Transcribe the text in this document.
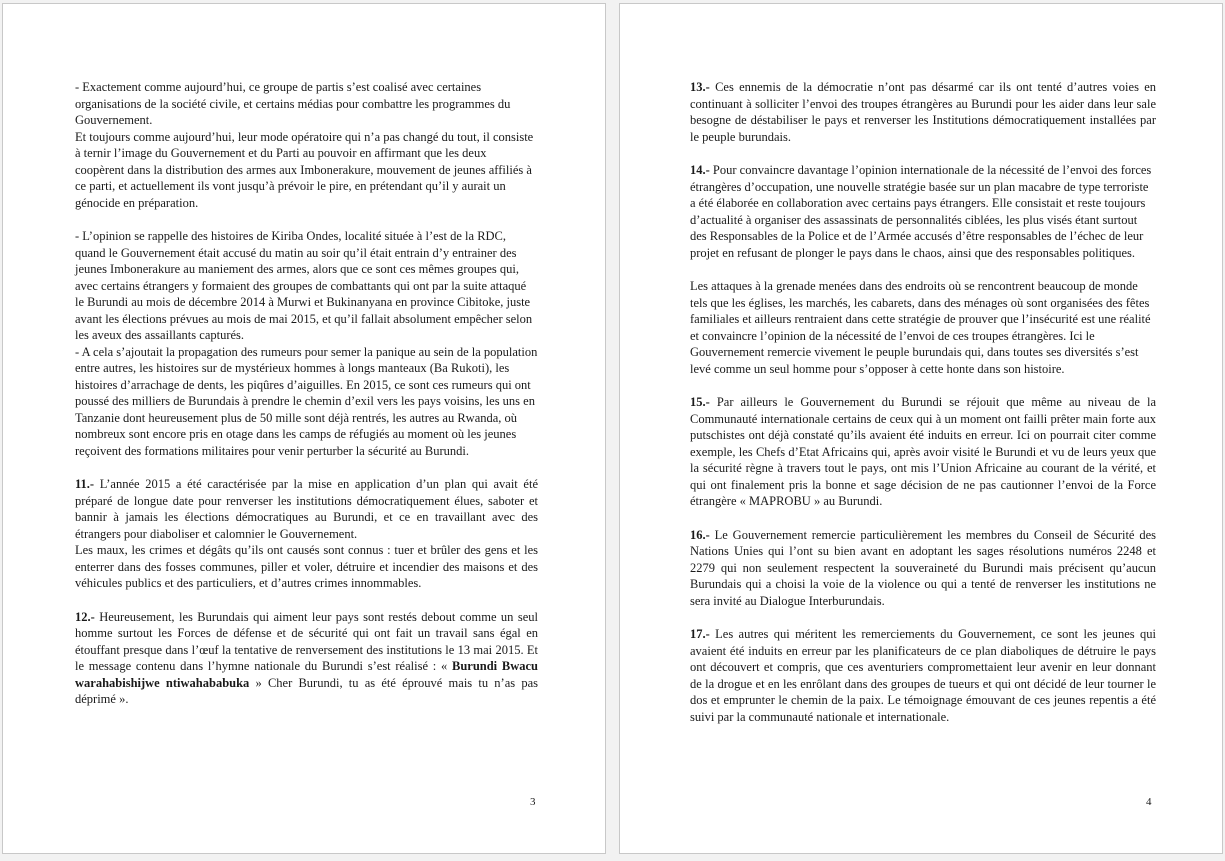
- Exactement comme aujourd’hui, ce groupe de partis s’est coalisé avec certaines organisations de la société civile, et certains médias pour combattre les programmes du Gouvernement.

Et toujours comme aujourd’hui, leur mode opératoire qui n’a pas changé du tout, il consiste à ternir l’image du Gouvernement et du Parti au pouvoir en affirmant que les deux coopèrent dans la distribution des armes aux Imbonerakure, mouvement de jeunes affiliés à ce parti, et actuellement ils vont jusqu’à prévoir le pire, en prétendant qu’il y aurait un génocide en préparation.

- L’opinion se rappelle des histoires de Kiriba Ondes, localité située à l’est de la RDC, quand le Gouvernement était accusé du matin au soir qu’il était entrain d’y entrainer des jeunes Imbonerakure au maniement des armes, alors que ce sont ces mêmes groupes qui, avec certains étrangers y formaient des groupes de combattants qui ont par la suite attaqué le Burundi au mois de décembre 2014 à Murwi et Bukinanyana en province Cibitoke, juste avant les élections prévues au mois de mai 2015, et qu’il fallait absolument empêcher selon les aveux des assaillants capturés.

- A cela s’ajoutait la propagation des rumeurs pour semer la panique au sein de la population entre autres, les histoires sur de mystérieux hommes à longs manteaux (Ba Rukoti), les histoires d’arrachage de dents, les piqûres d’aiguilles. En 2015, ce sont ces rumeurs qui ont poussé des milliers de Burundais à prendre le chemin d’exil vers les pays voisins, les uns en Tanzanie dont heureusement plus de 50 mille sont déjà rentrés, les autres au Rwanda, où nombreux sont encore pris en otage dans les camps de réfugiés au moment où les jeunes reçoivent des formations militaires pour venir perturber la sécurité au Burundi.

11.- L’année 2015 a été caractérisée par la mise en application d’un plan qui avait été préparé de longue date pour renverser les institutions démocratiquement élues, saboter et bannir à jamais les élections démocratiques au Burundi, et ce en travaillant avec des étrangers pour diaboliser et calomnier le Gouvernement.

Les maux, les crimes et dégâts qu’ils ont causés sont connus : tuer et brûler des gens et les enterrer dans des fosses communes, piller et voler, détruire et incendier des maisons et des véhicules publics et des particuliers, et d’autres crimes innommables.

12.- Heureusement, les Burundais qui aiment leur pays sont restés debout comme un seul homme surtout les Forces de défense et de sécurité qui ont fait un travail sans égal en étouffant presque dans l’œuf la tentative de renversement des institutions le 13 mai 2015. Et le message contenu dans l’hymne nationale du Burundi s’est réalisé : « Burundi Bwacu warahabishijwe ntiwahababuka » Cher Burundi, tu as été éprouvé mais tu n’as pas déprimé ».

3

13.- Ces ennemis de la démocratie n’ont pas désarmé car ils ont tenté d’autres voies en continuant à solliciter l’envoi des troupes étrangères au Burundi pour les aider dans leur sale besogne de déstabiliser le pays et renverser les Institutions démocratiquement installées par le peuple burundais.

14.- Pour convaincre davantage l’opinion internationale de la nécessité de l’envoi des forces étrangères d’occupation, une nouvelle stratégie basée sur un plan macabre de type terroriste a été élaborée en collaboration avec certains pays étrangers. Elle consistait et reste toujours d’actualité à organiser des assassinats de personnalités ciblées, les plus visés étant surtout des Responsables de la Police et de l’Armée accusés d’être responsables de l’échec de leur projet en refusant de plonger le pays dans le chaos, ainsi que des responsables politiques.

Les attaques à la grenade menées dans des endroits où se rencontrent beaucoup de monde tels que les églises, les marchés, les cabarets, dans des ménages où sont organisées des fêtes familiales et ailleurs rentraient dans cette stratégie de prouver que l’insécurité est une réalité et convaincre l’opinion de la nécessité de l’envoi de ces troupes étrangères. Ici le Gouvernement remercie vivement le peuple burundais qui, dans toutes ses diversités s’est levé comme un seul homme pour s’opposer à cette honte dans son histoire.

15.- Par ailleurs le Gouvernement du Burundi se réjouit que même au niveau de la Communauté internationale certains de ceux qui à un moment ont failli prêter main forte aux putschistes ont déjà constaté qu’ils avaient été induits en erreur. Ici on pourrait citer comme exemple, les Chefs d’Etat Africains qui, après avoir visité le Burundi et vu de leurs yeux que la sécurité règne à travers tout le pays, ont mis l’Union Africaine au courant de la vérité, et qui ont finalement pris la bonne et sage décision de ne pas cautionner l’envoi de la Force étrangère « MAPROBU » au Burundi.

16.- Le Gouvernement remercie particulièrement les membres du Conseil de Sécurité des Nations Unies qui l’ont su bien avant en adoptant les sages résolutions numéros 2248 et 2279 qui non seulement respectent la souveraineté du Burundi mais précisent qu’aucun Burundais qui a choisi la voie de la violence ou qui a tenté de renverser les institutions ne sera invité au Dialogue Interburundais.

17.- Les autres qui méritent les remerciements du Gouvernement, ce sont les jeunes qui avaient été induits en erreur par les planificateurs de ce plan diaboliques de détruire le pays ont découvert et compris, que ces aventuriers compromettaient leur avenir en leur donnant de la drogue et en les enrôlant dans des groupes de tueurs et qui ont décidé de leur tourner le dos et emprunter le chemin de la paix. Le témoignage émouvant de ces jeunes repentis a été suivi par la communauté nationale et internationale.

4
